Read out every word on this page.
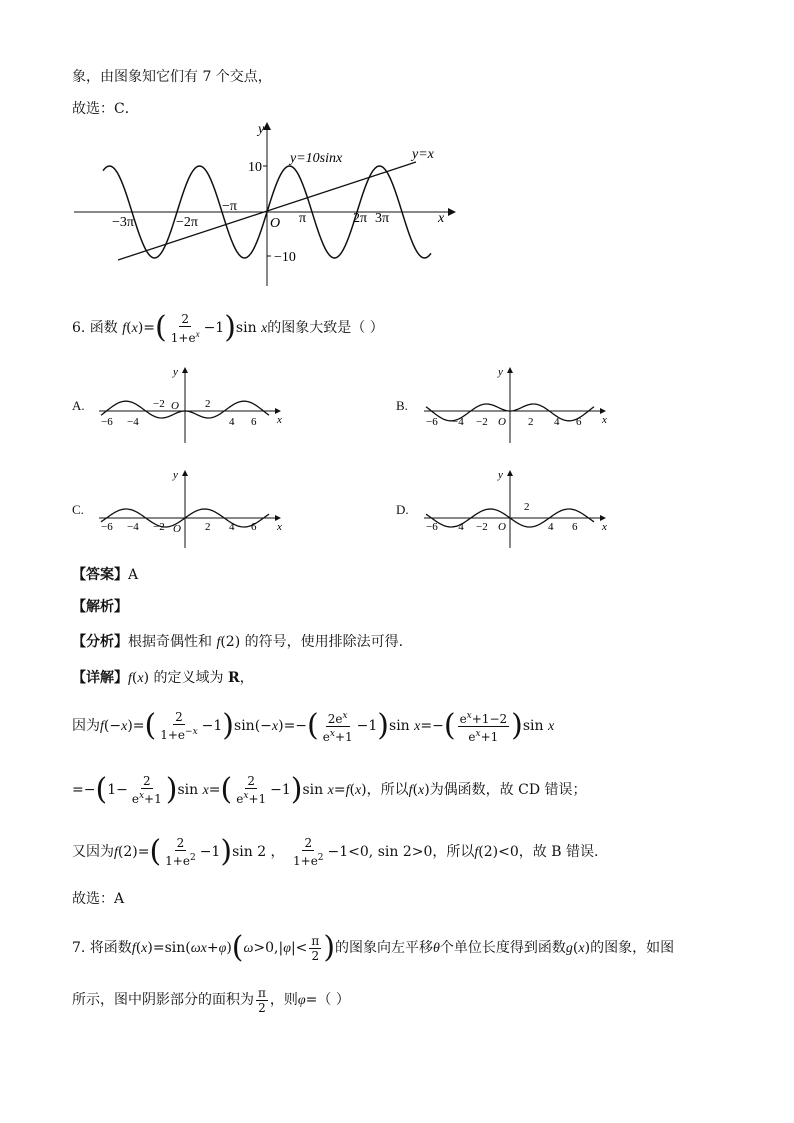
象，由图象知它们有 7 个交点，
故选：C．
y
x
O
10
−10
y=10sinx	y=x
−3π	−2π
−π
π	2π 3π
6. 函数 $f(x)=( \frac{2}{1+e^x} -1)\sin$ x的图象大致是（ ）
A.	B.
C.	D.
y
x
O
−6 −4
−2	2
4 6
y
x
O
−6 −4 −2	2 4 6
y
x
O
−6 −4 −2	2 4 6
y
x
O
−6 −4 −2
2
4 6
【答案】A
【解析】
【分析】根据奇偶性和 f(2) 的符号，使用排除法可得.
【详解】f(x) 的定义域为 R，
因为$f(-x)=( \frac{2}{1+e^{-x}} -1)\sin(-x)=-( \frac{2e^x}{e^x+1} -1)\sin$ $x=-( \frac{e^x+1-2}{e^x+1} )\sin$ x
$=-(1- \frac{2}{e^x+1} )\sin$ $x=( \frac{2}{e^x+1} -1)\sin$ x=f(x)，所以f(x)为偶函数，故 CD 错误；
又因为$f(2)=( \frac{2}{1+e^2} -1)\sin$ 2 ， $\frac{2}{1+e^2} -1<0$, sin 2>0，所以f(2)<0，故 B 错误.
故选：A
7. 将函数$f(x)=\sin(\omega x+\varphi)(\omega>0,|\varphi|< \frac{\pi}{2}$ )的图象向左平移θ个单位长度得到函数g(x)的图象，如图
所示，图中阴影部分的面积为 $\frac{\pi}{2}$ ，则φ=（ ）
